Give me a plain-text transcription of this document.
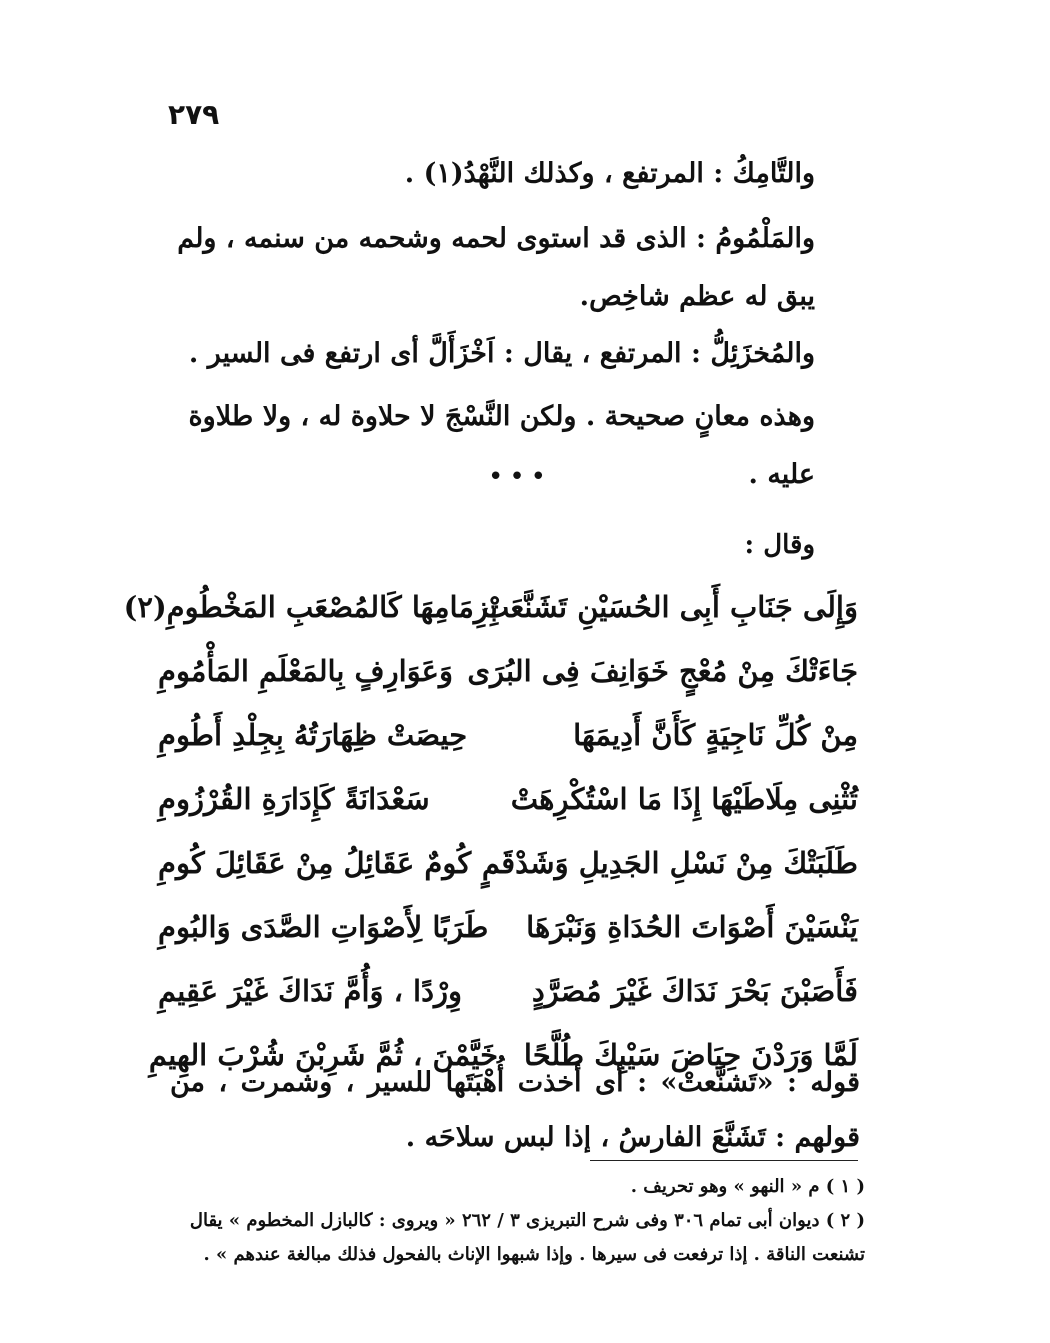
٢٧٩

والتَّامِكُ : المرتفع ، وكذلك النَّهْدُ(١) .

والمَلْمُومُ : الذى قد استوى لحمه وشحمه من سنمه ، ولم يبق له عظم شاخِص.

والمُخزَئِلُّ : المرتفع ، يقال : اَخْزَأَلَّ أى ارتفع فى السير .

وهذه معانٍ صحيحة . ولكن النَّسْجَ لا حلاوة له ، ولا طلاوة عليه .

•••
وقال :
وَإِلَى جَنَابِ أَبِى الحُسَيْنِ تَشَنَّعَتْ
بِزِمَامِهَا كَالمُصْعَبِ المَخْطُومِ(٢)
جَاءَتْكَ مِنْ مُعْجٍ خَوَانِفَ فِى البُرَى
وَعَوَارِفٍ بِالمَعْلَمِ المَأْمُومِ
مِنْ كُلِّ نَاجِيَةٍ كَأَنَّ أَدِيمَهَا
حِيصَتْ ظِهَارَتُهُ بِجِلْدِ أَطُومِ
تُثْنِى مِلَاطَيْهَا إِذَا مَا اسْتُكْرِهَتْ
سَعْدَانَةً كَإِدَارَةِ القُرْزُومِ
طَلَبَتْكَ مِنْ نَسْلِ الجَدِيلِ وَشَدْقَمٍ
كُومٌ عَقَائِلُ مِنْ عَقَائِلَ كُومِ
يَنْسَيْنَ أَصْوَاتَ الحُدَاةِ وَنَبْرَهَا
طَرَبًا لِأَصْوَاتِ الصَّدَى وَالبُومِ
فَأَصَبْنَ بَحْرَ نَدَاكَ غَيْرَ مُصَرَّدٍ
وِرْدًا ، وَأُمَّ نَدَاكَ غَيْرَ عَقِيمِ
لَمَّا وَرَدْنَ حِيَاضَ سَيْبِكَ طُلَّحًا
خَيَّمْنَ ، ثُمَّ شَرِبْنَ شُرْبَ الهِيمِ

قوله : «تَشنَّعتْ» : أى أخذت أُهْبَتَها للسير ، وشمرت ، من قولهم : تَشَنَّعَ الفارسُ ، إذا لبس سلاحَه .

( ١ ) م « النهو » وهو تحريف .

( ٢ ) ديوان أبى تمام ٣٠٦ وفى شرح التبريزى ٣ / ٢٦٢ « ويروى : كالبازل المخطوم » يقال تشنعت الناقة . إذا ترفعت فى سيرها . وإذا شبهوا الإناث بالفحول فذلك مبالغة عندهم » .
